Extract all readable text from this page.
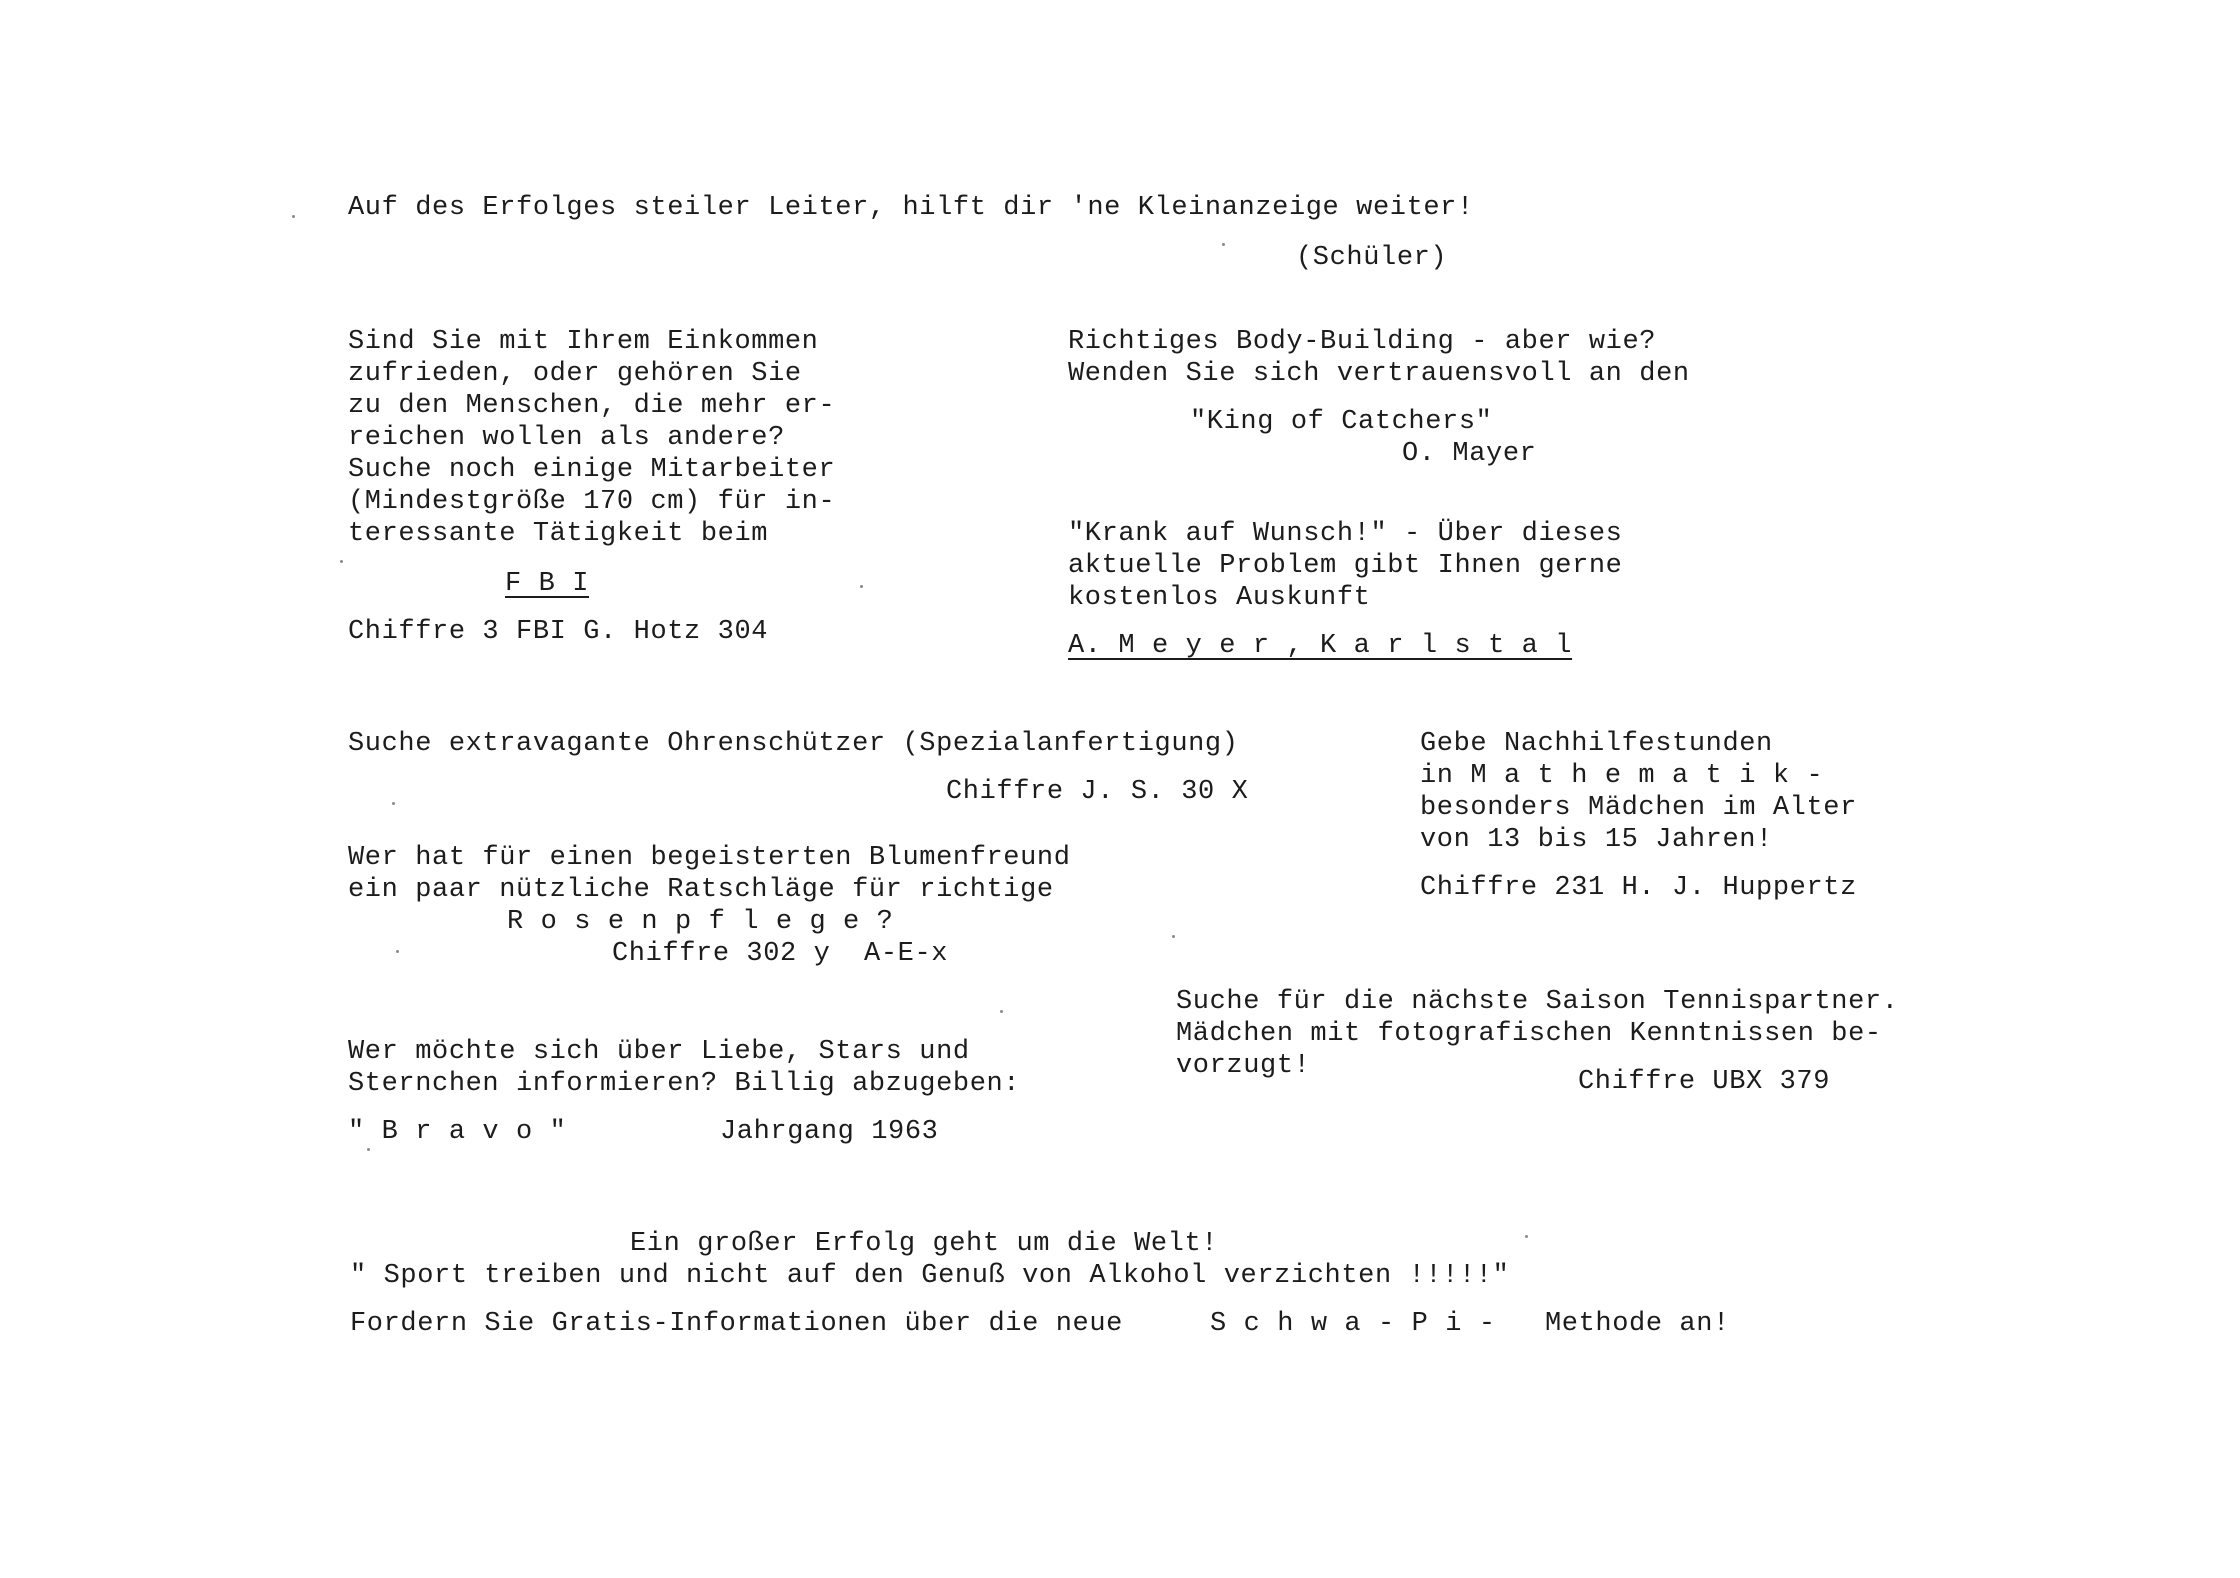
Auf des Erfolges steiler Leiter, hilft dir 'ne Kleinanzeige weiter!

(Schüler)

Sind Sie mit Ihrem Einkommen

zufrieden, oder gehören Sie

zu den Menschen, die mehr er-

reichen wollen als andere?

Suche noch einige Mitarbeiter

(Mindestgröße 170 cm) für in-

teressante Tätigkeit beim

F B I

Chiffre 3 FBI G. Hotz 304

Richtiges Body-Building - aber wie?

Wenden Sie sich vertrauensvoll an den

"King of Catchers"

O. Mayer

"Krank auf Wunsch!" - Über dieses

aktuelle Problem gibt Ihnen gerne

kostenlos Auskunft

A. M e y e r , K a r l s t a l

Suche extravagante Ohrenschützer (Spezialanfertigung)

Chiffre J. S. 30 X

Gebe Nachhilfestunden

in M a t h e m a t i k -

besonders Mädchen im Alter

von 13 bis 15 Jahren!

Chiffre 231 H. J. Huppertz

Wer hat für einen begeisterten Blumenfreund

ein paar nützliche Ratschläge für richtige

R o s e n p f l e g e ?

Chiffre 302 y  A-E-x

Suche für die nächste Saison Tennispartner.

Mädchen mit fotografischen Kenntnissen be-

vorzugt!

Chiffre UBX 379

Wer möchte sich über Liebe, Stars und

Sternchen informieren? Billig abzugeben:

" B r a v o "	Jahrgang 1963

Ein großer Erfolg geht um die Welt!

" Sport treiben und nicht auf den Genuß von Alkohol verzichten !!!!!"

Fordern Sie Gratis-Informationen über die neue	S c h w a - P i - Methode an!
